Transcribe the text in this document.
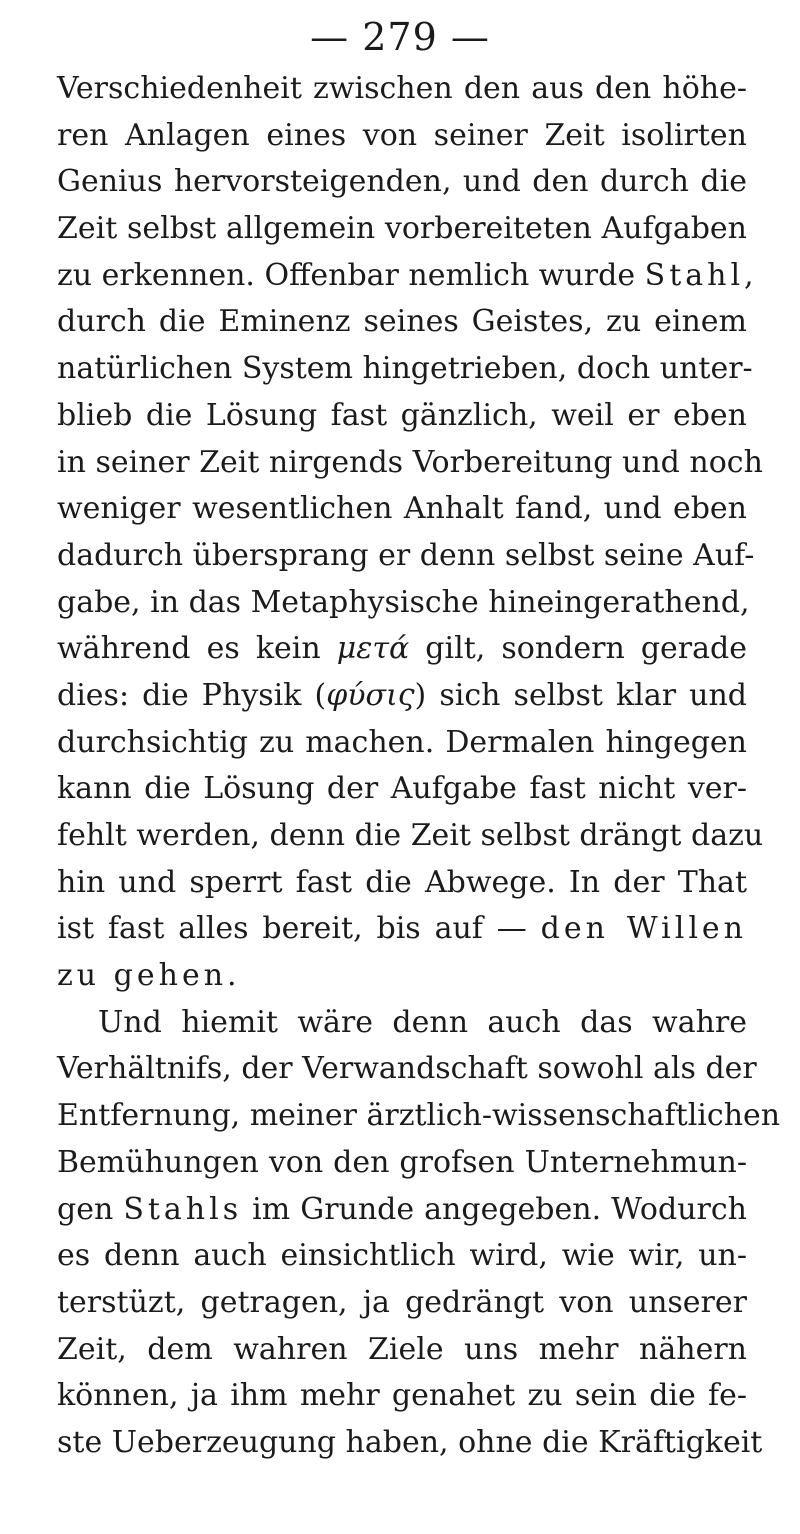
— 279 —
Verschiedenheit zwischen den aus den höhe-
ren Anlagen eines von seiner Zeit isolirten
Genius hervorsteigenden, und den durch die
Zeit selbst allgemein vorbereiteten Aufgaben
zu erkennen. Offenbar nemlich wurde Stahl,
durch die Eminenz seines Geistes, zu einem
natürlichen System hingetrieben, doch unter-
blieb die Lösung fast gänzlich, weil er eben
in seiner Zeit nirgends Vorbereitung und noch
weniger wesentlichen Anhalt fand, und eben
dadurch übersprang er denn selbst seine Auf-
gabe, in das Metaphysische hineingerathend,
während es kein μετά gilt, sondern gerade
dies: die Physik (φύσις) sich selbst klar und
durchsichtig zu machen. Dermalen hingegen
kann die Lösung der Aufgabe fast nicht ver-
fehlt werden, denn die Zeit selbst drängt dazu
hin und sperrt fast die Abwege. In der That
ist fast alles bereit, bis auf — den Willen
zu gehen.
Und hiemit wäre denn auch das wahre
Verhältnifs, der Verwandschaft sowohl als der
Entfernung, meiner ärztlich-wissenschaftlichen
Bemühungen von den grofsen Unternehmun-
gen Stahls im Grunde angegeben. Wodurch
es denn auch einsichtlich wird, wie wir, un-
terstüzt, getragen, ja gedrängt von unserer
Zeit, dem wahren Ziele uns mehr nähern
können, ja ihm mehr genahet zu sein die fe-
ste Ueberzeugung haben, ohne die Kräftigkeit
